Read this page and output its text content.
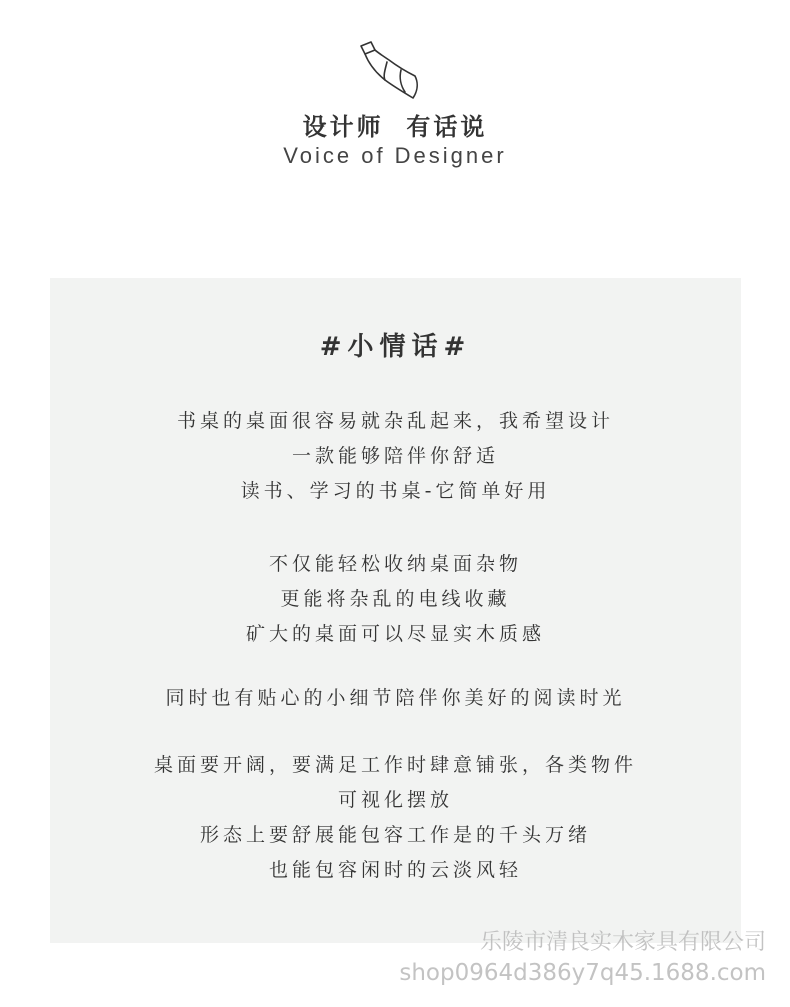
设计师  有话说
Voice of Designer
#小情话#
书桌的桌面很容易就杂乱起来，我希望设计
一款能够陪伴你舒适
读书、学习的书桌-它简单好用
不仅能轻松收纳桌面杂物
更能将杂乱的电线收藏
矿大的桌面可以尽显实木质感
同时也有贴心的小细节陪伴你美好的阅读时光
桌面要开阔，要满足工作时肆意铺张，各类物件
可视化摆放
形态上要舒展能包容工作是的千头万绪
也能包容闲时的云淡风轻
乐陵市清良实木家具有限公司
shop0964d386y7q45.1688.com
